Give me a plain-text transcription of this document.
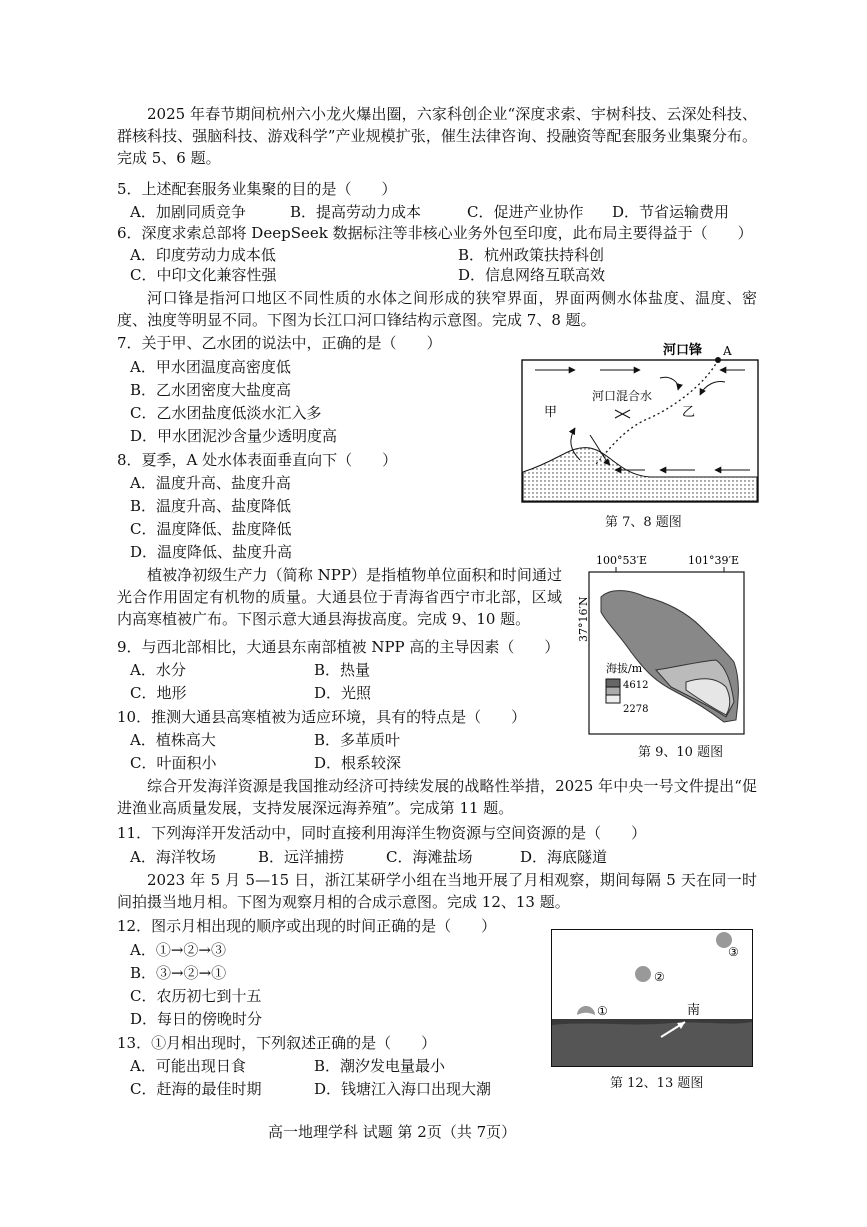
2025 年春节期间杭州六小龙火爆出圈，六家科创企业“深度求索、宇树科技、云深处科技、群核科技、强脑科技、游戏科学”产业规模扩张，催生法律咨询、投融资等配套服务业集聚分布。完成 5、6 题。
5．上述配套服务业集聚的目的是（　　）
A．加剧同质竞争	B．提高劳动力成本	C．促进产业协作 D．节省运输费用
6．深度求索总部将 DeepSeek 数据标注等非核心业务外包至印度，此布局主要得益于（　　）
A．印度劳动力成本低	B．杭州政策扶持科创
C．中印文化兼容性强	D．信息网络互联高效
河口锋是指河口地区不同性质的水体之间形成的狭窄界面，界面两侧水体盐度、温度、密度、浊度等明显不同。下图为长江口河口锋结构示意图。完成 7、8 题。
7．关于甲、乙水团的说法中，正确的是（　　）
A．甲水团温度高密度低
B．乙水团密度大盐度高
C．乙水团盐度低淡水汇入多
D．甲水团泥沙含量少透明度高
8．夏季，A 处水体表面垂直向下（　　）
A．温度升高、盐度升高
B．温度升高、盐度降低
C．温度降低、盐度降低
D．温度降低、盐度升高
河口锋 A
河口混合水
甲	乙
第 7、8 题图
植被净初级生产力（简称 NPP）是指植物单位面积和时间通过光合作用固定有机物的质量。大通县位于青海省西宁市北部，区域内高寒植被广布。下图示意大通县海拔高度。完成 9、10 题。
9．与西北部相比，大通县东南部植被 NPP 高的主导因素（　　）
A．水分	B．热量
C．地形	D．光照
10．推测大通县高寒植被为适应环境，具有的特点是（　　）
A．植株高大	B．多革质叶
C．叶面积小	D．根系较深
100°53′E	101°39′E
37°16′N
海拔/m
4612
2278
第 9、10 题图
综合开发海洋资源是我国推动经济可持续发展的战略性举措，2025 年中央一号文件提出“促进渔业高质量发展，支持发展深远海养殖”。完成第 11 题。
11．下列海洋开发活动中，同时直接利用海洋生物资源与空间资源的是（　　）
A．海洋牧场	B．远洋捕捞	C．海滩盐场	D．海底隧道
2023 年 5 月 5—15 日，浙江某研学小组在当地开展了月相观察，期间每隔 5 天在同一时间拍摄当地月相。下图为观察月相的合成示意图。完成 12、13 题。
12．图示月相出现的顺序或出现的时间正确的是（　　）
A．①→②→③
B．③→②→①
C．农历初七到十五
D．每日的傍晚时分
13．①月相出现时，下列叙述正确的是（　　）
A．可能出现日食	B．潮汐发电量最小
C．赶海的最佳时期	D．钱塘江入海口出现大潮
③
②
①	南
第 12、13 题图
高一地理学科 试题 第 2页（共 7页）
